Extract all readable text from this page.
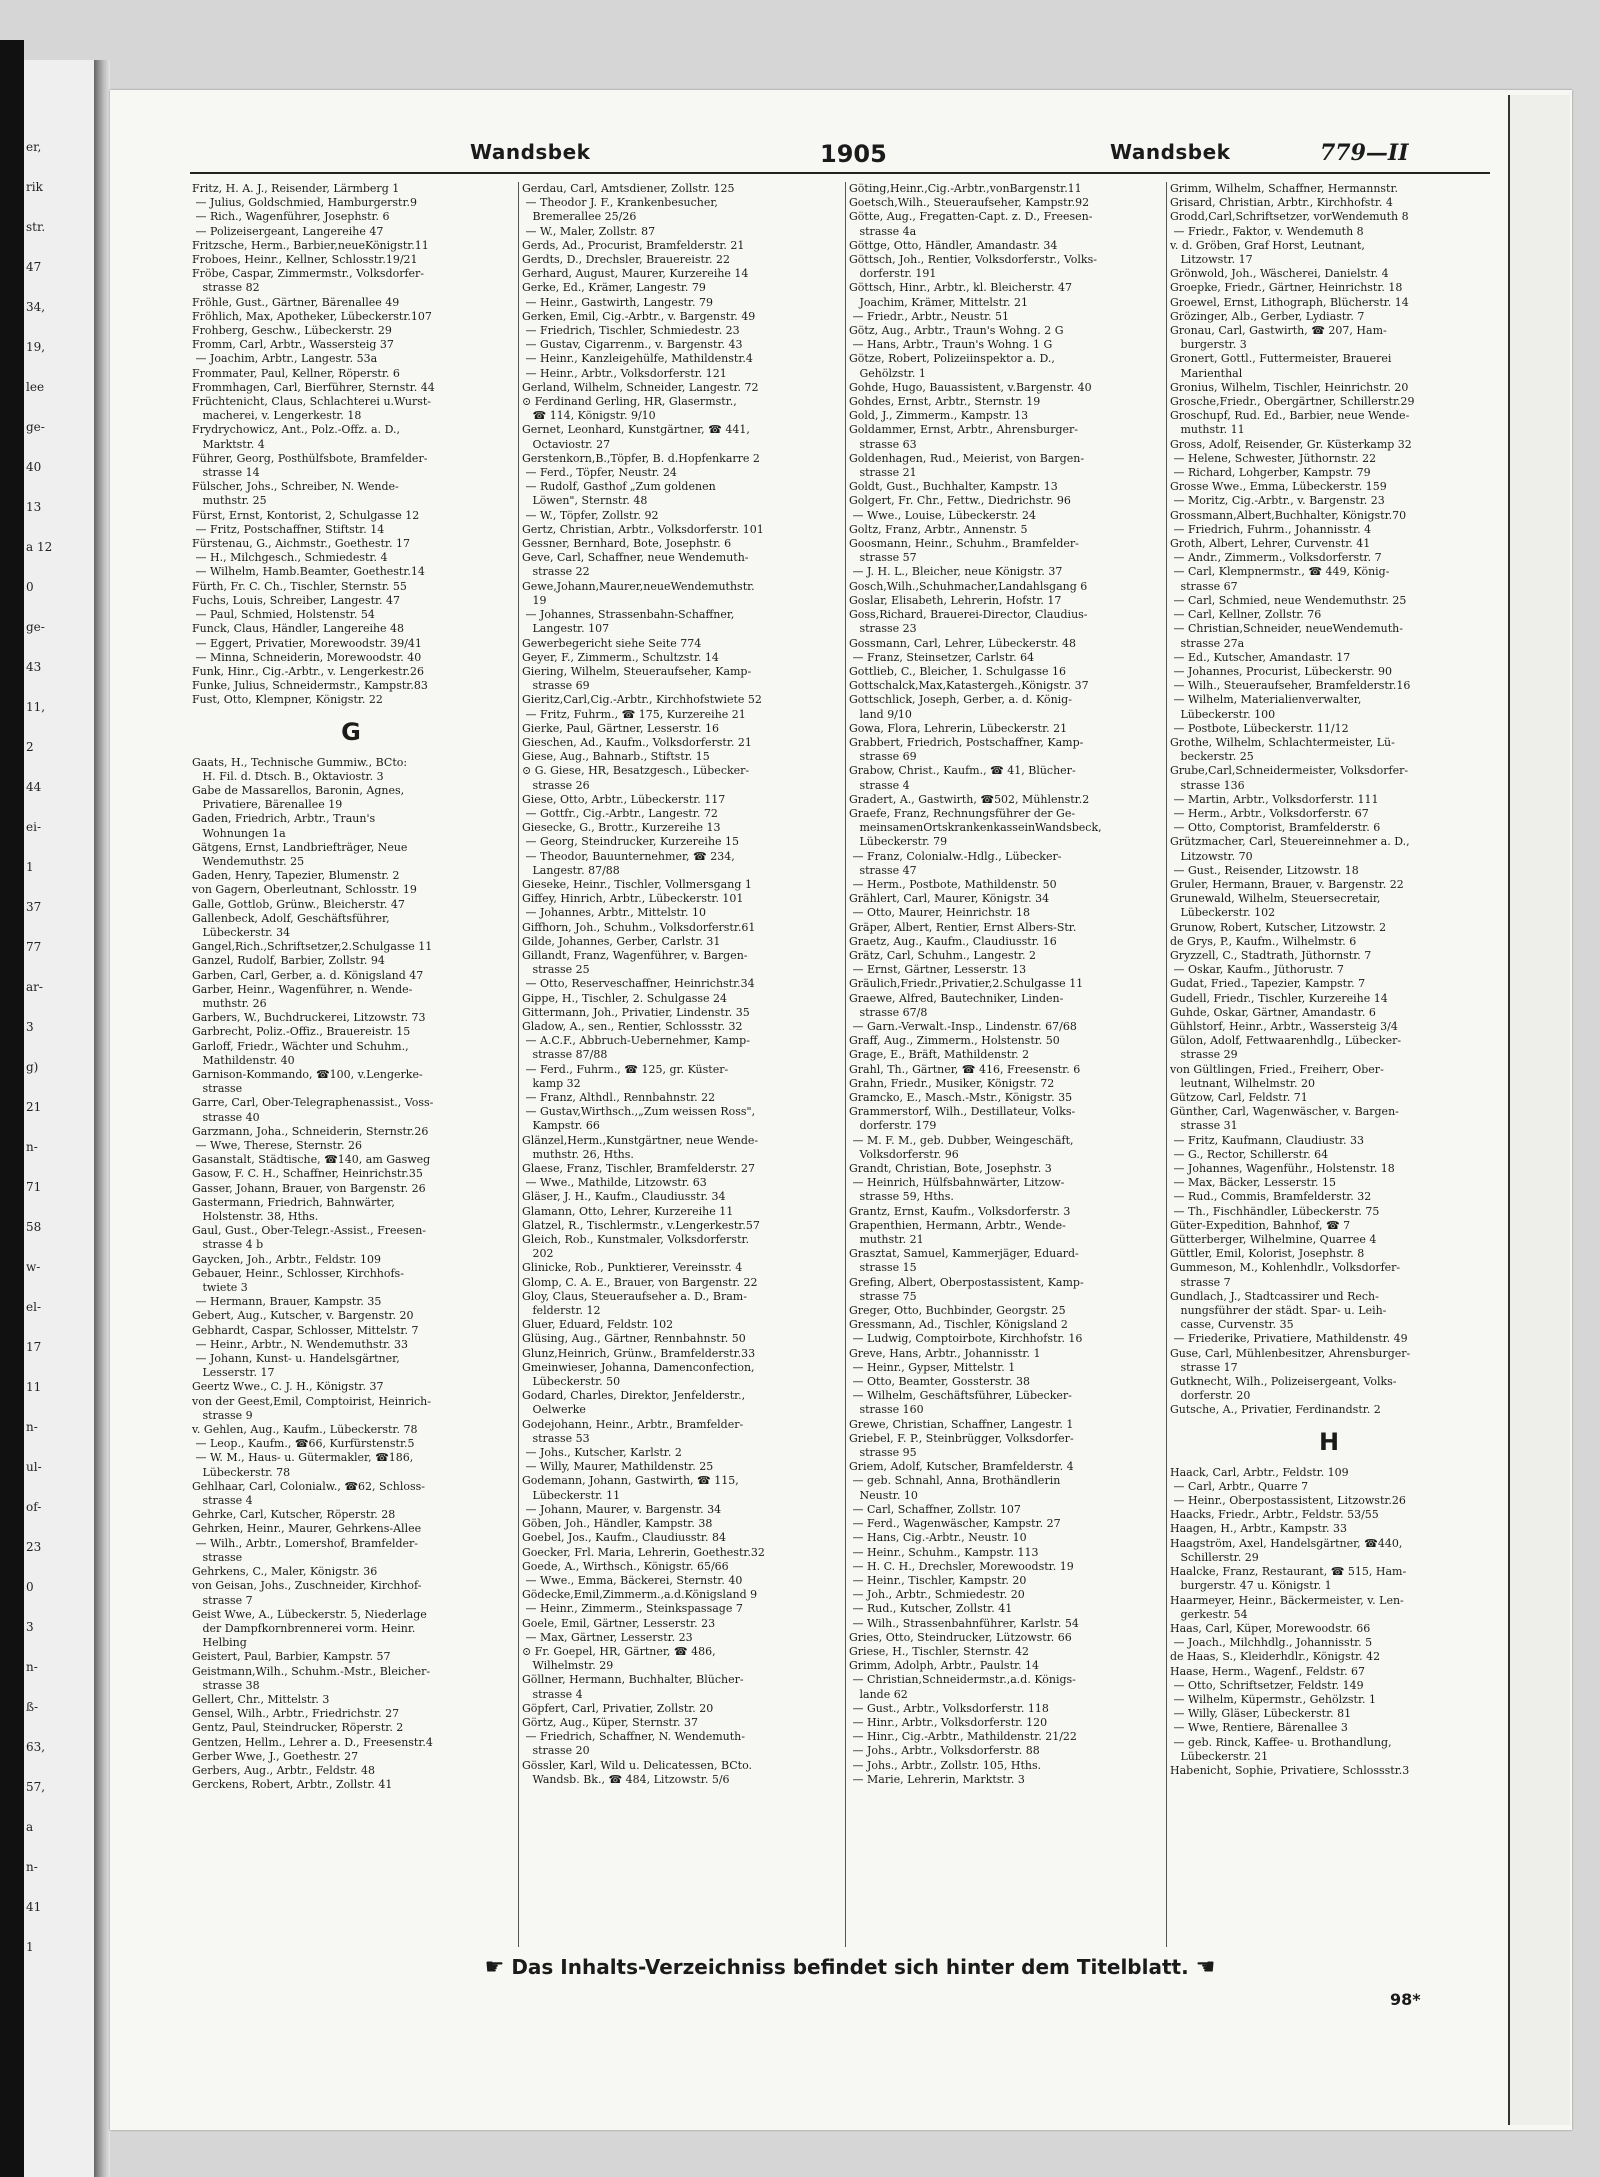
er,
rik
str.
47
34,
19,
lee
ge-
40
13
a 12
0
ge-
43
11,
2
44
ei-
1
37
77
ar-
3
g)
21
n-
71
58
w-
el-
17
11
n-
ul-
of-
23
0
3
n-
ß-
63,
57,
a
n-
41
1
Wandsbek	1905	Wandsbek	779—II
Fritz, H. A. J., Reisender, Lärmberg 1
— Julius, Goldschmied, Hamburgerstr.9
— Rich., Wagenführer, Josephstr. 6
— Polizeisergeant, Langereihe 47
Fritzsche, Herm., Barbier,neueKönigstr.11
Froboes, Heinr., Kellner, Schlosstr.19/21
Fröbe, Caspar, Zimmermstr., Volksdorfer-
strasse 82
Fröhle, Gust., Gärtner, Bärenallee 49
Fröhlich, Max, Apotheker, Lübeckerstr.107
Frohberg, Geschw., Lübeckerstr. 29
Fromm, Carl, Arbtr., Wassersteig 37
— Joachim, Arbtr., Langestr. 53a
Frommater, Paul, Kellner, Röperstr. 6
Frommhagen, Carl, Bierführer, Sternstr. 44
Früchtenicht, Claus, Schlachterei u.Wurst-
macherei, v. Lengerkestr. 18
Frydrychowicz, Ant., Polz.-Offz. a. D.,
Marktstr. 4
Führer, Georg, Posthülfsbote, Bramfelder-
strasse 14
Fülscher, Johs., Schreiber, N. Wende-
muthstr. 25
Fürst, Ernst, Kontorist, 2, Schulgasse 12
— Fritz, Postschaffner, Stiftstr. 14
Fürstenau, G., Aichmstr., Goethestr. 17
— H., Milchgesch., Schmiedestr. 4
— Wilhelm, Hamb.Beamter, Goethestr.14
Fürth, Fr. C. Ch., Tischler, Sternstr. 55
Fuchs, Louis, Schreiber, Langestr. 47
— Paul, Schmied, Holstenstr. 54
Funck, Claus, Händler, Langereihe 48
— Eggert, Privatier, Morewoodstr. 39/41
— Minna, Schneiderin, Morewoodstr. 40
Funk, Hinr., Cig.-Arbtr., v. Lengerkestr.26
Funke, Julius, Schneidermstr., Kampstr.83
Fust, Otto, Klempner, Königstr. 22
G
Gaats, H., Technische Gummiw., BCto:
H. Fil. d. Dtsch. B., Oktaviostr. 3
Gabe de Massarellos, Baronin, Agnes,
Privatiere, Bärenallee 19
Gaden, Friedrich, Arbtr., Traun's
Wohnungen 1a
Gätgens, Ernst, Landbriefträger, Neue
Wendemuthstr. 25
Gaden, Henry, Tapezier, Blumenstr. 2
von Gagern, Oberleutnant, Schlosstr. 19
Galle, Gottlob, Grünw., Bleicherstr. 47
Gallenbeck, Adolf, Geschäftsführer,
Lübeckerstr. 34
Gangel,Rich.,Schriftsetzer,2.Schulgasse 11
Ganzel, Rudolf, Barbier, Zollstr. 94
Garben, Carl, Gerber, a. d. Königsland 47
Garber, Heinr., Wagenführer, n. Wende-
muthstr. 26
Garbers, W., Buchdruckerei, Litzowstr. 73
Garbrecht, Poliz.-Offiz., Brauereistr. 15
Garloff, Friedr., Wächter und Schuhm.,
Mathildenstr. 40
Garnison-Kommando, ☎100, v.Lengerke-
strasse
Garre, Carl, Ober-Telegraphenassist., Voss-
strasse 40
Garzmann, Joha., Schneiderin, Sternstr.26
— Wwe, Therese, Sternstr. 26
Gasanstalt, Städtische, ☎140, am Gasweg
Gasow, F. C. H., Schaffner, Heinrichstr.35
Gasser, Johann, Brauer, von Bargenstr. 26
Gastermann, Friedrich, Bahnwärter,
Holstenstr. 38, Hths.
Gaul, Gust., Ober-Telegr.-Assist., Freesen-
strasse 4 b
Gaycken, Joh., Arbtr., Feldstr. 109
Gebauer, Heinr., Schlosser, Kirchhofs-
twiete 3
— Hermann, Brauer, Kampstr. 35
Gebert, Aug., Kutscher, v. Bargenstr. 20
Gebhardt, Caspar, Schlosser, Mittelstr. 7
— Heinr., Arbtr., N. Wendemuthstr. 33
— Johann, Kunst- u. Handelsgärtner,
Lesserstr. 17
Geertz Wwe., C. J. H., Königstr. 37
von der Geest,Emil, Comptoirist, Heinrich-
strasse 9
v. Gehlen, Aug., Kaufm., Lübeckerstr. 78
— Leop., Kaufm., ☎66, Kurfürstenstr.5
— W. M., Haus- u. Gütermakler, ☎186,
Lübeckerstr. 78
Gehlhaar, Carl, Colonialw., ☎62, Schloss-
strasse 4
Gehrke, Carl, Kutscher, Röperstr. 28
Gehrken, Heinr., Maurer, Gehrkens-Allee
— Wilh., Arbtr., Lomershof, Bramfelder-
strasse
Gehrkens, C., Maler, Königstr. 36
von Geisan, Johs., Zuschneider, Kirchhof-
strasse 7
Geist Wwe, A., Lübeckerstr. 5, Niederlage
der Dampfkornbrennerei vorm. Heinr.
Helbing
Geistert, Paul, Barbier, Kampstr. 57
Geistmann,Wilh., Schuhm.-Mstr., Bleicher-
strasse 38
Gellert, Chr., Mittelstr. 3
Gensel, Wilh., Arbtr., Friedrichstr. 27
Gentz, Paul, Steindrucker, Röperstr. 2
Gentzen, Hellm., Lehrer a. D., Freesenstr.4
Gerber Wwe, J., Goethestr. 27
Gerbers, Aug., Arbtr., Feldstr. 48
Gerckens, Robert, Arbtr., Zollstr. 41
Gerdau, Carl, Amtsdiener, Zollstr. 125
— Theodor J. F., Krankenbesucher,
Bremerallee 25/26
— W., Maler, Zollstr. 87
Gerds, Ad., Procurist, Bramfelderstr. 21
Gerdts, D., Drechsler, Brauereistr. 22
Gerhard, August, Maurer, Kurzereihe 14
Gerke, Ed., Krämer, Langestr. 79
— Heinr., Gastwirth, Langestr. 79
Gerken, Emil, Cig.-Arbtr., v. Bargenstr. 49
— Friedrich, Tischler, Schmiedestr. 23
— Gustav, Cigarrenm., v. Bargenstr. 43
— Heinr., Kanzleigehülfe, Mathildenstr.4
— Heinr., Arbtr., Volksdorferstr. 121
Gerland, Wilhelm, Schneider, Langestr. 72
⊙ Ferdinand Gerling, HR, Glasermstr.,
☎ 114, Königstr. 9/10
Gernet, Leonhard, Kunstgärtner, ☎ 441,
Octaviostr. 27
Gerstenkorn,B.,Töpfer, B. d.Hopfenkarre 2
— Ferd., Töpfer, Neustr. 24
— Rudolf, Gasthof „Zum goldenen
Löwen", Sternstr. 48
— W., Töpfer, Zollstr. 92
Gertz, Christian, Arbtr., Volksdorferstr. 101
Gessner, Bernhard, Bote, Josephstr. 6
Geve, Carl, Schaffner, neue Wendemuth-
strasse 22
Gewe,Johann,Maurer,neueWendemuthstr.
19
— Johannes, Strassenbahn-Schaffner,
Langestr. 107
Gewerbegericht siehe Seite 774
Geyer, F., Zimmerm., Schultzstr. 14
Giering, Wilhelm, Steueraufseher, Kamp-
strasse 69
Gieritz,Carl,Cig.-Arbtr., Kirchhofstwiete 52
— Fritz, Fuhrm., ☎ 175, Kurzereihe 21
Gierke, Paul, Gärtner, Lesserstr. 16
Gieschen, Ad., Kaufm., Volksdorferstr. 21
Giese, Aug., Bahnarb., Stiftstr. 15
⊙ G. Giese, HR, Besatzgesch., Lübecker-
strasse 26
Giese, Otto, Arbtr., Lübeckerstr. 117
— Gottfr., Cig.-Arbtr., Langestr. 72
Giesecke, G., Brottr., Kurzereihe 13
— Georg, Steindrucker, Kurzereihe 15
— Theodor, Bauunternehmer, ☎ 234,
Langestr. 87/88
Gieseke, Heinr., Tischler, Vollmersgang 1
Giffey, Hinrich, Arbtr., Lübeckerstr. 101
— Johannes, Arbtr., Mittelstr. 10
Giffhorn, Joh., Schuhm., Volksdorferstr.61
Gilde, Johannes, Gerber, Carlstr. 31
Gillandt, Franz, Wagenführer, v. Bargen-
strasse 25
— Otto, Reserveschaffner, Heinrichstr.34
Gippe, H., Tischler, 2. Schulgasse 24
Gittermann, Joh., Privatier, Lindenstr. 35
Gladow, A., sen., Rentier, Schlossstr. 32
— A.C.F., Abbruch-Uebernehmer, Kamp-
strasse 87/88
— Ferd., Fuhrm., ☎ 125, gr. Küster-
kamp 32
— Franz, Althdl., Rennbahnstr. 22
— Gustav,Wirthsch.,„Zum weissen Ross",
Kampstr. 66
Glänzel,Herm.,Kunstgärtner, neue Wende-
muthstr. 26, Hths.
Glaese, Franz, Tischler, Bramfelderstr. 27
— Wwe., Mathilde, Litzowstr. 63
Gläser, J. H., Kaufm., Claudiusstr. 34
Glamann, Otto, Lehrer, Kurzereihe 11
Glatzel, R., Tischlermstr., v.Lengerkestr.57
Gleich, Rob., Kunstmaler, Volksdorferstr.
202
Glinicke, Rob., Punktierer, Vereinsstr. 4
Glomp, C. A. E., Brauer, von Bargenstr. 22
Gloy, Claus, Steueraufseher a. D., Bram-
felderstr. 12
Gluer, Eduard, Feldstr. 102
Glüsing, Aug., Gärtner, Rennbahnstr. 50
Glunz,Heinrich, Grünw., Bramfelderstr.33
Gmeinwieser, Johanna, Damenconfection,
Lübeckerstr. 50
Godard, Charles, Direktor, Jenfelderstr.,
Oelwerke
Godejohann, Heinr., Arbtr., Bramfelder-
strasse 53
— Johs., Kutscher, Karlstr. 2
— Willy, Maurer, Mathildenstr. 25
Godemann, Johann, Gastwirth, ☎ 115,
Lübeckerstr. 11
— Johann, Maurer, v. Bargenstr. 34
Göben, Joh., Händler, Kampstr. 38
Goebel, Jos., Kaufm., Claudiusstr. 84
Goecker, Frl. Maria, Lehrerin, Goethestr.32
Goede, A., Wirthsch., Königstr. 65/66
— Wwe., Emma, Bäckerei, Sternstr. 40
Gödecke,Emil,Zimmerm.,a.d.Königsland 9
— Heinr., Zimmerm., Steinkspassage 7
Goele, Emil, Gärtner, Lesserstr. 23
— Max, Gärtner, Lesserstr. 23
⊙ Fr. Goepel, HR, Gärtner, ☎ 486,
Wilhelmstr. 29
Göllner, Hermann, Buchhalter, Blücher-
strasse 4
Göpfert, Carl, Privatier, Zollstr. 20
Görtz, Aug., Küper, Sternstr. 37
— Friedrich, Schaffner, N. Wendemuth-
strasse 20
Gössler, Karl, Wild u. Delicatessen, BCto.
Wandsb. Bk., ☎ 484, Litzowstr. 5/6
Göting,Heinr.,Cig.-Arbtr.,vonBargenstr.11
Goetsch,Wilh., Steueraufseher, Kampstr.92
Götte, Aug., Fregatten-Capt. z. D., Freesen-
strasse 4a
Göttge, Otto, Händler, Amandastr. 34
Göttsch, Joh., Rentier, Volksdorferstr., Volks-
dorferstr. 191
Göttsch, Hinr., Arbtr., kl. Bleicherstr. 47
Joachim, Krämer, Mittelstr. 21
— Friedr., Arbtr., Neustr. 51
Götz, Aug., Arbtr., Traun's Wohng. 2 G
— Hans, Arbtr., Traun's Wohng. 1 G
Götze, Robert, Polizeiinspektor a. D.,
Gehölzstr. 1
Gohde, Hugo, Bauassistent, v.Bargenstr. 40
Gohdes, Ernst, Arbtr., Sternstr. 19
Gold, J., Zimmerm., Kampstr. 13
Goldammer, Ernst, Arbtr., Ahrensburger-
strasse 63
Goldenhagen, Rud., Meierist, von Bargen-
strasse 21
Goldt, Gust., Buchhalter, Kampstr. 13
Golgert, Fr. Chr., Fettw., Diedrichstr. 96
— Wwe., Louise, Lübeckerstr. 24
Goltz, Franz, Arbtr., Annenstr. 5
Goosmann, Heinr., Schuhm., Bramfelder-
strasse 57
— J. H. L., Bleicher, neue Königstr. 37
Gosch,Wilh.,Schuhmacher,Landahlsgang 6
Goslar, Elisabeth, Lehrerin, Hofstr. 17
Goss,Richard, Brauerei-Director, Claudius-
strasse 23
Gossmann, Carl, Lehrer, Lübeckerstr. 48
— Franz, Steinsetzer, Carlstr. 64
Gottlieb, C., Bleicher, 1. Schulgasse 16
Gottschalck,Max,Katastergeh.,Königstr. 37
Gottschlick, Joseph, Gerber, a. d. König-
land 9/10
Gowa, Flora, Lehrerin, Lübeckerstr. 21
Grabbert, Friedrich, Postschaffner, Kamp-
strasse 69
Grabow, Christ., Kaufm., ☎ 41, Blücher-
strasse 4
Gradert, A., Gastwirth, ☎502, Mühlenstr.2
Graefe, Franz, Rechnungsführer der Ge-
meinsamenOrtskrankenkasseinWandsbeck,
Lübeckerstr. 79
— Franz, Colonialw.-Hdlg., Lübecker-
strasse 47
— Herm., Postbote, Mathildenstr. 50
Grählert, Carl, Maurer, Königstr. 34
— Otto, Maurer, Heinrichstr. 18
Gräper, Albert, Rentier, Ernst Albers-Str.
Graetz, Aug., Kaufm., Claudiusstr. 16
Grätz, Carl, Schuhm., Langestr. 2
— Ernst, Gärtner, Lesserstr. 13
Gräulich,Friedr.,Privatier,2.Schulgasse 11
Graewe, Alfred, Bautechniker, Linden-
strasse 67/8
— Garn.-Verwalt.-Insp., Lindenstr. 67/68
Graff, Aug., Zimmerm., Holstenstr. 50
Grage, E., Bräft, Mathildenstr. 2
Grahl, Th., Gärtner, ☎ 416, Freesenstr. 6
Grahn, Friedr., Musiker, Königstr. 72
Gramcko, E., Masch.-Mstr., Königstr. 35
Grammerstorf, Wilh., Destillateur, Volks-
dorferstr. 179
— M. F. M., geb. Dubber, Weingeschäft,
Volksdorferstr. 96
Grandt, Christian, Bote, Josephstr. 3
— Heinrich, Hülfsbahnwärter, Litzow-
strasse 59, Hths.
Grantz, Ernst, Kaufm., Volksdorferstr. 3
Grapenthien, Hermann, Arbtr., Wende-
muthstr. 21
Grasztat, Samuel, Kammerjäger, Eduard-
strasse 15
Grefing, Albert, Oberpostassistent, Kamp-
strasse 75
Greger, Otto, Buchbinder, Georgstr. 25
Gressmann, Ad., Tischler, Königsland 2
— Ludwig, Comptoirbote, Kirchhofstr. 16
Greve, Hans, Arbtr., Johannisstr. 1
— Heinr., Gypser, Mittelstr. 1
— Otto, Beamter, Gossterstr. 38
— Wilhelm, Geschäftsführer, Lübecker-
strasse 160
Grewe, Christian, Schaffner, Langestr. 1
Griebel, F. P., Steinbrügger, Volksdorfer-
strasse 95
Griem, Adolf, Kutscher, Bramfelderstr. 4
— geb. Schnahl, Anna, Brothändlerin
Neustr. 10
— Carl, Schaffner, Zollstr. 107
— Ferd., Wagenwäscher, Kampstr. 27
— Hans, Cig.-Arbtr., Neustr. 10
— Heinr., Schuhm., Kampstr. 113
— H. C. H., Drechsler, Morewoodstr. 19
— Heinr., Tischler, Kampstr. 20
— Joh., Arbtr., Schmiedestr. 20
— Rud., Kutscher, Zollstr. 41
— Wilh., Strassenbahnführer, Karlstr. 54
Gries, Otto, Steindrucker, Lützowstr. 66
Griese, H., Tischler, Sternstr. 42
Grimm, Adolph, Arbtr., Paulstr. 14
— Christian,Schneidermstr.,a.d. Königs-
lande 62
— Gust., Arbtr., Volksdorferstr. 118
— Hinr., Arbtr., Volksdorferstr. 120
— Hinr., Cig.-Arbtr., Mathildenstr. 21/22
— Johs., Arbtr., Volksdorferstr. 88
— Johs., Arbtr., Zollstr. 105, Hths.
— Marie, Lehrerin, Marktstr. 3
Grimm, Wilhelm, Schaffner, Hermannstr.
Grisard, Christian, Arbtr., Kirchhofstr. 4
Grodd,Carl,Schriftsetzer, vorWendemuth 8
— Friedr., Faktor, v. Wendemuth 8
v. d. Gröben, Graf Horst, Leutnant,
Litzowstr. 17
Grönwold, Joh., Wäscherei, Danielstr. 4
Groepke, Friedr., Gärtner, Heinrichstr. 18
Groewel, Ernst, Lithograph, Blücherstr. 14
Grözinger, Alb., Gerber, Lydiastr. 7
Gronau, Carl, Gastwirth, ☎ 207, Ham-
burgerstr. 3
Gronert, Gottl., Futtermeister, Brauerei
Marienthal
Gronius, Wilhelm, Tischler, Heinrichstr. 20
Grosche,Friedr., Obergärtner, Schillerstr.29
Groschupf, Rud. Ed., Barbier, neue Wende-
muthstr. 11
Gross, Adolf, Reisender, Gr. Küsterkamp 32
— Helene, Schwester, Jüthornstr. 22
— Richard, Lohgerber, Kampstr. 79
Grosse Wwe., Emma, Lübeckerstr. 159
— Moritz, Cig.-Arbtr., v. Bargenstr. 23
Grossmann,Albert,Buchhalter, Königstr.70
— Friedrich, Fuhrm., Johannisstr. 4
Groth, Albert, Lehrer, Curvenstr. 41
— Andr., Zimmerm., Volksdorferstr. 7
— Carl, Klempnermstr., ☎ 449, König-
strasse 67
— Carl, Schmied, neue Wendemuthstr. 25
— Carl, Kellner, Zollstr. 76
— Christian,Schneider, neueWendemuth-
strasse 27a
— Ed., Kutscher, Amandastr. 17
— Johannes, Procurist, Lübeckerstr. 90
— Wilh., Steueraufseher, Bramfelderstr.16
— Wilhelm, Materialienverwalter,
Lübeckerstr. 100
— Postbote, Lübeckerstr. 11/12
Grothe, Wilhelm, Schlachtermeister, Lü-
beckerstr. 25
Grube,Carl,Schneidermeister, Volksdorfer-
strasse 136
— Martin, Arbtr., Volksdorferstr. 111
— Herm., Arbtr., Volksdorferstr. 67
— Otto, Comptorist, Bramfelderstr. 6
Grützmacher, Carl, Steuereinnehmer a. D.,
Litzowstr. 70
— Gust., Reisender, Litzowstr. 18
Gruler, Hermann, Brauer, v. Bargenstr. 22
Grunewald, Wilhelm, Steuersecretair,
Lübeckerstr. 102
Grunow, Robert, Kutscher, Litzowstr. 2
de Grys, P., Kaufm., Wilhelmstr. 6
Gryzzell, C., Stadtrath, Jüthornstr. 7
— Oskar, Kaufm., Jüthorustr. 7
Gudat, Fried., Tapezier, Kampstr. 7
Gudell, Friedr., Tischler, Kurzereihe 14
Guhde, Oskar, Gärtner, Amandastr. 6
Gühlstorf, Heinr., Arbtr., Wassersteig 3/4
Gülon, Adolf, Fettwaarenhdlg., Lübecker-
strasse 29
von Gültlingen, Fried., Freiherr, Ober-
leutnant, Wilhelmstr. 20
Gützow, Carl, Feldstr. 71
Günther, Carl, Wagenwäscher, v. Bargen-
strasse 31
— Fritz, Kaufmann, Claudiustr. 33
— G., Rector, Schillerstr. 64
— Johannes, Wagenführ., Holstenstr. 18
— Max, Bäcker, Lesserstr. 15
— Rud., Commis, Bramfelderstr. 32
— Th., Fischhändler, Lübeckerstr. 75
Güter-Expedition, Bahnhof, ☎ 7
Gütterberger, Wilhelmine, Quarree 4
Güttler, Emil, Kolorist, Josephstr. 8
Gummeson, M., Kohlenhdlr., Volksdorfer-
strasse 7
Gundlach, J., Stadtcassirer und Rech-
nungsführer der städt. Spar- u. Leih-
casse, Curvenstr. 35
— Friederike, Privatiere, Mathildenstr. 49
Guse, Carl, Mühlenbesitzer, Ahrensburger-
strasse 17
Gutknecht, Wilh., Polizeisergeant, Volks-
dorferstr. 20
Gutsche, A., Privatier, Ferdinandstr. 2
H
Haack, Carl, Arbtr., Feldstr. 109
— Carl, Arbtr., Quarre 7
— Heinr., Oberpostassistent, Litzowstr.26
Haacks, Friedr., Arbtr., Feldstr. 53/55
Haagen, H., Arbtr., Kampstr. 33
Haagström, Axel, Handelsgärtner, ☎440,
Schillerstr. 29
Haalcke, Franz, Restaurant, ☎ 515, Ham-
burgerstr. 47 u. Königstr. 1
Haarmeyer, Heinr., Bäckermeister, v. Len-
gerkestr. 54
Haas, Carl, Küper, Morewoodstr. 66
— Joach., Milchhdlg., Johannisstr. 5
de Haas, S., Kleiderhdlr., Königstr. 42
Haase, Herm., Wagenf., Feldstr. 67
— Otto, Schriftsetzer, Feldstr. 149
— Wilhelm, Küpermstr., Gehölzstr. 1
— Willy, Gläser, Lübeckerstr. 81
— Wwe, Rentiere, Bärenallee 3
— geb. Rinck, Kaffee- u. Brothandlung,
Lübeckerstr. 21
Habenicht, Sophie, Privatiere, Schlossstr.3
☛ Das Inhalts-Verzeichniss befindet sich hinter dem Titelblatt. ☚
98*
